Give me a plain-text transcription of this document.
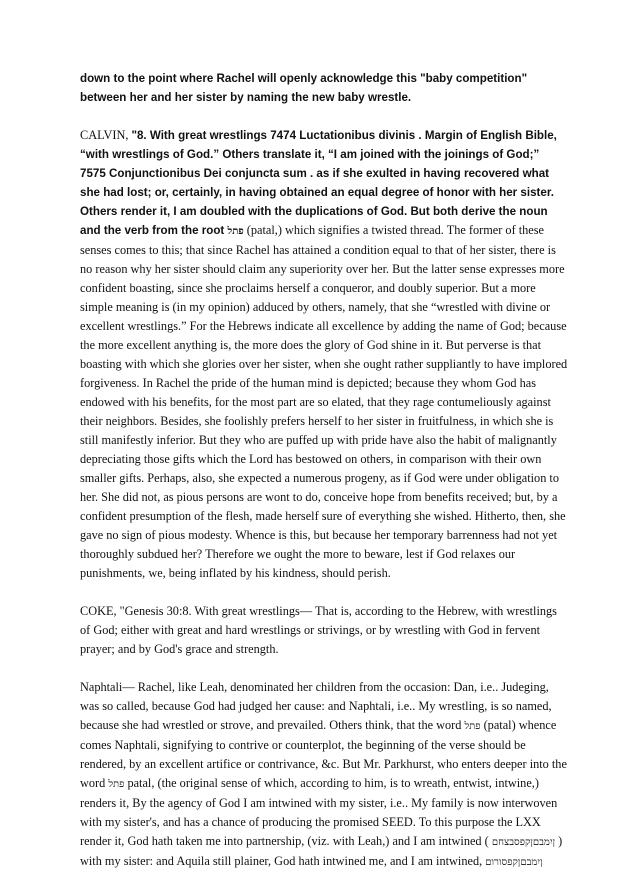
down to the point where Rachel will openly acknowledge this "baby competition" between her and her sister by naming the new baby wrestle.

CALVIN, "8. With great wrestlings 7474 Luctationibus divinis . Margin of English Bible, “with wrestlings of God.” Others translate it, “I am joined with the joinings of God;” 7575 Conjunctionibus Dei conjuncta sum . as if she exulted in having recovered what she had lost; or, certainly, in having obtained an equal degree of honor with her sister. Others render it, I am doubled with the duplications of God. But both derive the noun and the verb from the root פתל (patal,) which signifies a twisted thread. The former of these senses comes to this; that since Rachel has attained a condition equal to that of her sister, there is no reason why her sister should claim any superiority over her. But the latter sense expresses more confident boasting, since she proclaims herself a conqueror, and doubly superior. But a more simple meaning is (in my opinion) adduced by others, namely, that she “wrestled with divine or excellent wrestlings.” For the Hebrews indicate all excellence by adding the name of God; because the more excellent anything is, the more does the glory of God shine in it. But perverse is that boasting with which she glories over her sister, when she ought rather suppliantly to have implored forgiveness. In Rachel the pride of the human mind is depicted; because they whom God has endowed with his benefits, for the most part are so elated, that they rage contumeliously against their neighbors. Besides, she foolishly prefers herself to her sister in fruitfulness, in which she is still manifestly inferior. But they who are puffed up with pride have also the habit of malignantly depreciating those gifts which the Lord has bestowed on others, in comparison with their own smaller gifts. Perhaps, also, she expected a numerous progeny, as if God were under obligation to her. She did not, as pious persons are wont to do, conceive hope from benefits received; but, by a confident presumption of the flesh, made herself sure of everything she wished. Hitherto, then, she gave no sign of pious modesty. Whence is this, but because her temporary barrenness had not yet thoroughly subdued her? Therefore we ought the more to beware, lest if God relaxes our punishments, we, being inflated by his kindness, should perish.

COKE, "Genesis 30:8. With great wrestlings— That is, according to the Hebrew, with wrestlings of God; either with great and hard wrestlings or strivings, or by wrestling with God in fervent prayer; and by God's grace and strength.

Naphtali— Rachel, like Leah, denominated her children from the occasion: Dan, i.e.. Judeging, was so called, because God had judged her cause: and Naphtali, i.e.. My wrestling, is so named, because she had wrestled or strove, and prevailed. Others think, that the word פתל (patal) whence comes Naphtali, signifying to contrive or counterplot, the beginning of the verse should be rendered, by an excellent artifice or contrivance, &c. But Mr. Parkhurst, who enters deeper into the word פתל patal, (the original sense of which, according to him, is to wreath, entwist, intwine,) renders it, By the agency of God I am intwined with my sister, i.e.. My family is now interwoven with my sister's, and has a chance of producing the promised SEED. To this purpose the LXX render it, God hath taken me into partnership, (viz. with Leah,) and I am intwined ( ןיִמבםןקפסבצחם ) with my sister: and Aquila still plainer, God hath intwined me, and I am intwined, ןיִמבםןקפסורום
